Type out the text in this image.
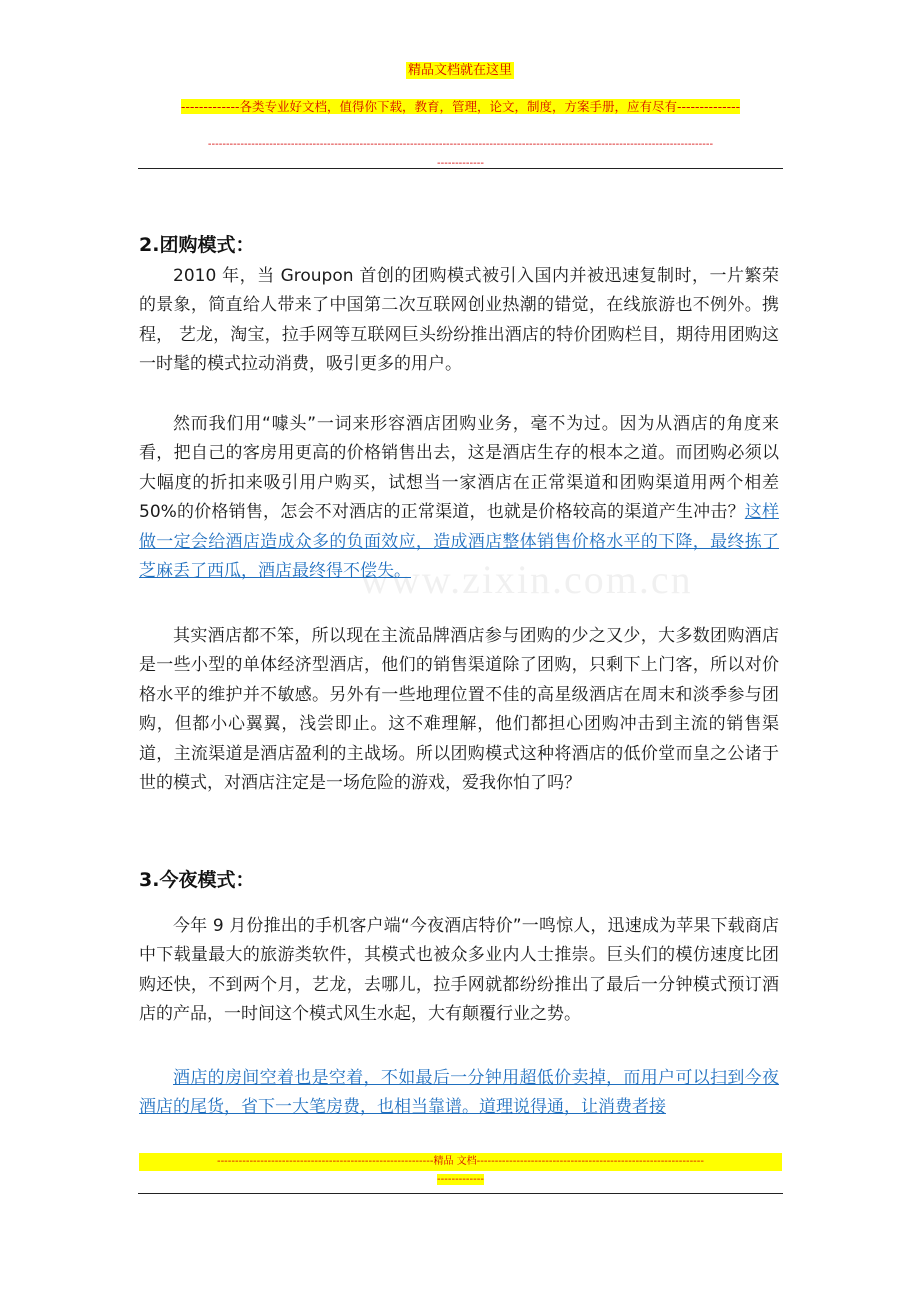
精品文档就在这里
-------------各类专业好文档，值得你下载，教育，管理，论文，制度，方案手册，应有尽有--------------
--------------------------------------------------------------------------------------------------------------------------------------------
-------------
www.zixin.com.cn
2.团购模式：

2010 年，当 Groupon 首创的团购模式被引入国内并被迅速复制时，一片繁荣的景象，简直给人带来了中国第二次互联网创业热潮的错觉，在线旅游也不例外。携程， 艺龙，淘宝，拉手网等互联网巨头纷纷推出酒店的特价团购栏目，期待用团购这一时髦的模式拉动消费，吸引更多的用户。

然而我们用“噱头”一词来形容酒店团购业务，毫不为过。因为从酒店的角度来看，把自己的客房用更高的价格销售出去，这是酒店生存的根本之道。而团购必须以大幅度的折扣来吸引用户购买，试想当一家酒店在正常渠道和团购渠道用两个相差 50%的价格销售，怎会不对酒店的正常渠道，也就是价格较高的渠道产生冲击？这样做一定会给酒店造成众多的负面效应，造成酒店整体销售价格水平的下降，最终拣了芝麻丢了西瓜，酒店最终得不偿失。

其实酒店都不笨，所以现在主流品牌酒店参与团购的少之又少，大多数团购酒店是一些小型的单体经济型酒店，他们的销售渠道除了团购，只剩下上门客，所以对价格水平的维护并不敏感。另外有一些地理位置不佳的高星级酒店在周末和淡季参与团购，但都小心翼翼，浅尝即止。这不难理解，他们都担心团购冲击到主流的销售渠道，主流渠道是酒店盈利的主战场。所以团购模式这种将酒店的低价堂而皇之公诸于世的模式，对酒店注定是一场危险的游戏，爱我你怕了吗？

3.今夜模式：

今年 9 月份推出的手机客户端“今夜酒店特价”一鸣惊人，迅速成为苹果下载商店中下载量最大的旅游类软件，其模式也被众多业内人士推崇。巨头们的模仿速度比团购还快，不到两个月，艺龙，去哪儿，拉手网就都纷纷推出了最后一分钟模式预订酒店的产品，一时间这个模式风生水起，大有颠覆行业之势。

酒店的房间空着也是空着，不如最后一分钟用超低价卖掉，而用户可以扫到今夜酒店的尾货，省下一大笔房费，也相当靠谱。道理说得通，让消费者接

------------------------------------------------------------精品 文档---------------------------------------------------------------
-------------
